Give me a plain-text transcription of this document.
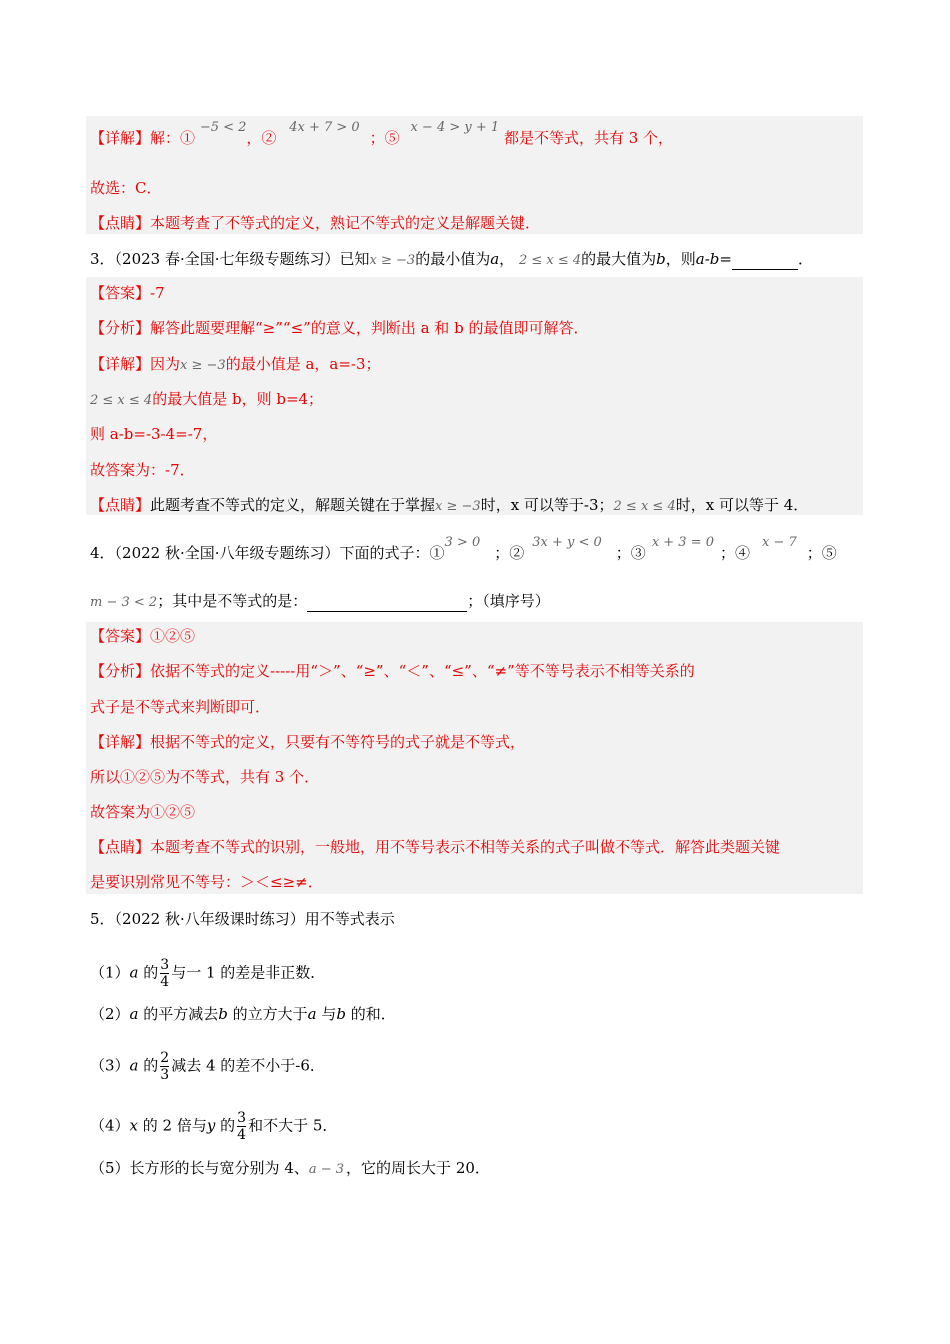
【详解】解：① −5 < 2，② 4x + 7 > 0；⑤ x − 4 > y + 1 都是不等式，共有 3 个，
故选：C．
【点睛】本题考查了不等式的定义，熟记不等式的定义是解题关键．
3．（2023 春·全国·七年级专题练习）已知x ≥ −3的最小值为a， 2 ≤ x ≤ 4的最大值为b，则a-b=	．
【答案】-7
【分析】解答此题要理解“≥”“≤”的意义，判断出 a 和 b 的最值即可解答．
【详解】因为x ≥ −3的最小值是 a，a=-3；
2 ≤ x ≤ 4的最大值是 b，则 b=4；
则 a-b=-3-4=-7，
故答案为：-7．
【点睛】此题考查不等式的定义，解题关键在于掌握x ≥ −3时，x 可以等于-3；2 ≤ x ≤ 4时，x 可以等于 4．
4．（2022 秋·全国·八年级专题练习）下面的式子：①3 > 0；②3x + y < 0；③x + 3 = 0；④x − 7；⑤
m − 3 < 2；其中是不等式的是：	；（填序号）
【答案】①②⑤
【分析】依据不等式的定义-----用“＞”、“≥”、“＜”、“≤”、“≠”等不等号表示不相等关系的
式子是不等式来判断即可．
【详解】根据不等式的定义，只要有不等符号的式子就是不等式，
所以①②⑤为不等式，共有 3 个．
故答案为①②⑤
【点睛】本题考查不等式的识别，一般地，用不等号表示不相等关系的式子叫做不等式．解答此类题关键
是要识别常见不等号：＞＜≤≥≠．
5．（2022 秋·八年级课时练习）用不等式表示
（1）a 的 $\frac{3}{4}$ 与一 1 的差是非正数．
（2）a 的平方减去b 的立方大于a 与b 的和．
（3）a 的 $\frac{2}{3}$ 减去 4 的差不小于-6．
（4）x 的 2 倍与y 的 $\frac{3}{4}$ 和不大于 5．
（5）长方形的长与宽分别为 4、a − 3 ，它的周长大于 20．
